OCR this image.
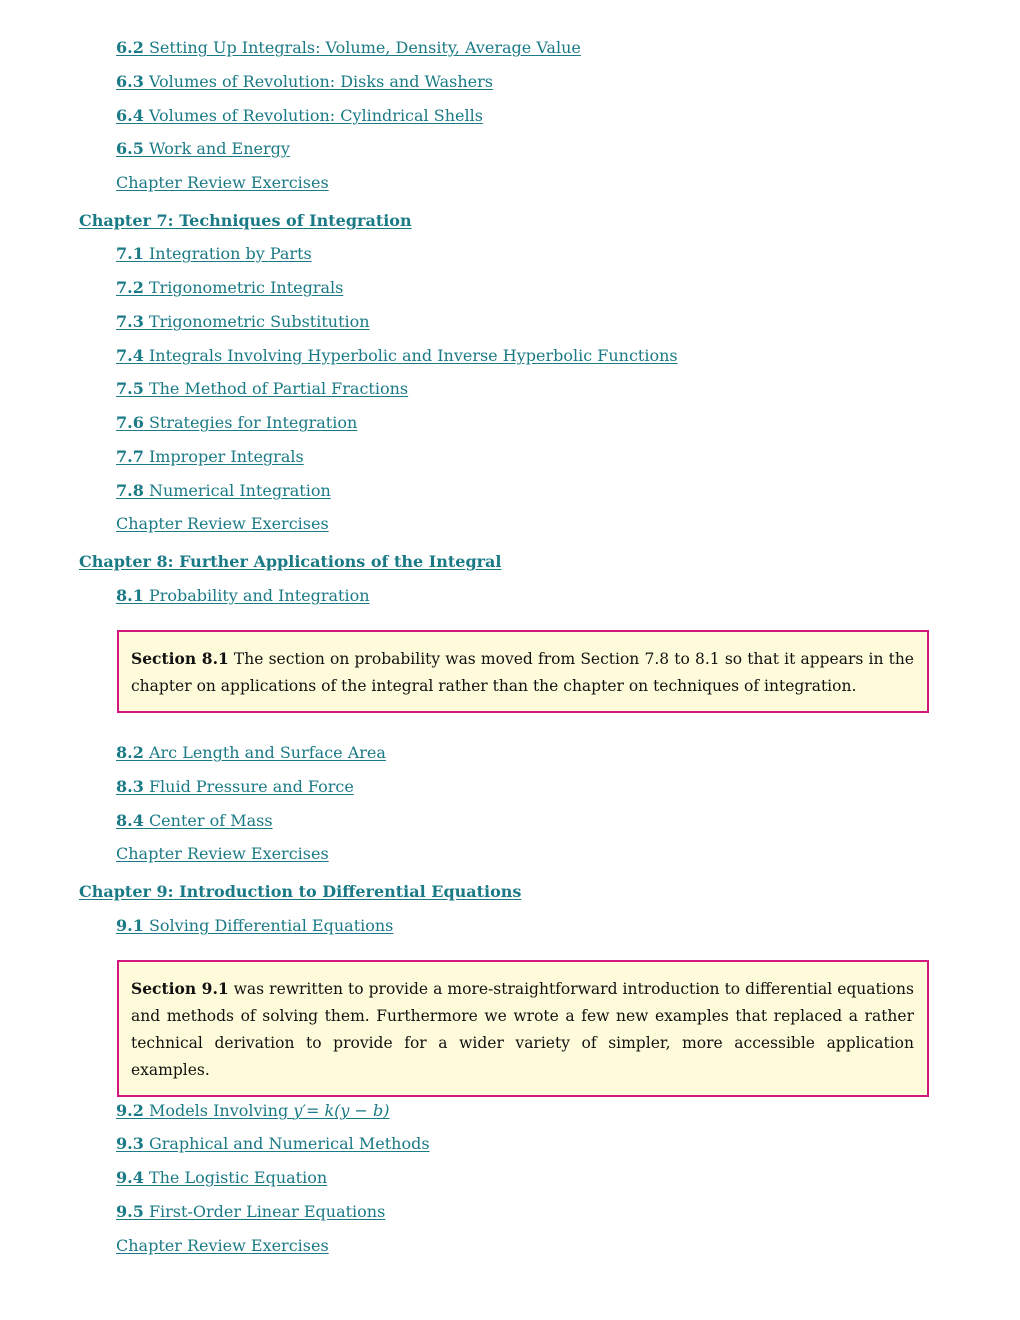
6.2 Setting Up Integrals: Volume, Density, Average Value
6.3 Volumes of Revolution: Disks and Washers
6.4 Volumes of Revolution: Cylindrical Shells
6.5 Work and Energy
Chapter Review Exercises
Chapter 7: Techniques of Integration
7.1 Integration by Parts
7.2 Trigonometric Integrals
7.3 Trigonometric Substitution
7.4 Integrals Involving Hyperbolic and Inverse Hyperbolic Functions
7.5 The Method of Partial Fractions
7.6 Strategies for Integration
7.7 Improper Integrals
7.8 Numerical Integration
Chapter Review Exercises
Chapter 8: Further Applications of the Integral
8.1 Probability and Integration
Section 8.1 The section on probability was moved from Section 7.8 to 8.1 so that it appears in the chapter on applications of the integral rather than the chapter on techniques of integration.
8.2 Arc Length and Surface Area
8.3 Fluid Pressure and Force
8.4 Center of Mass
Chapter Review Exercises
Chapter 9: Introduction to Differential Equations
9.1 Solving Differential Equations
Section 9.1 was rewritten to provide a more-straightforward introduction to differential equations and methods of solving them. Furthermore we wrote a few new examples that replaced a rather technical derivation to provide for a wider variety of simpler, more accessible application examples.
9.2 Models Involving y′= k(y − b)
9.3 Graphical and Numerical Methods
9.4 The Logistic Equation
9.5 First-Order Linear Equations
Chapter Review Exercises
